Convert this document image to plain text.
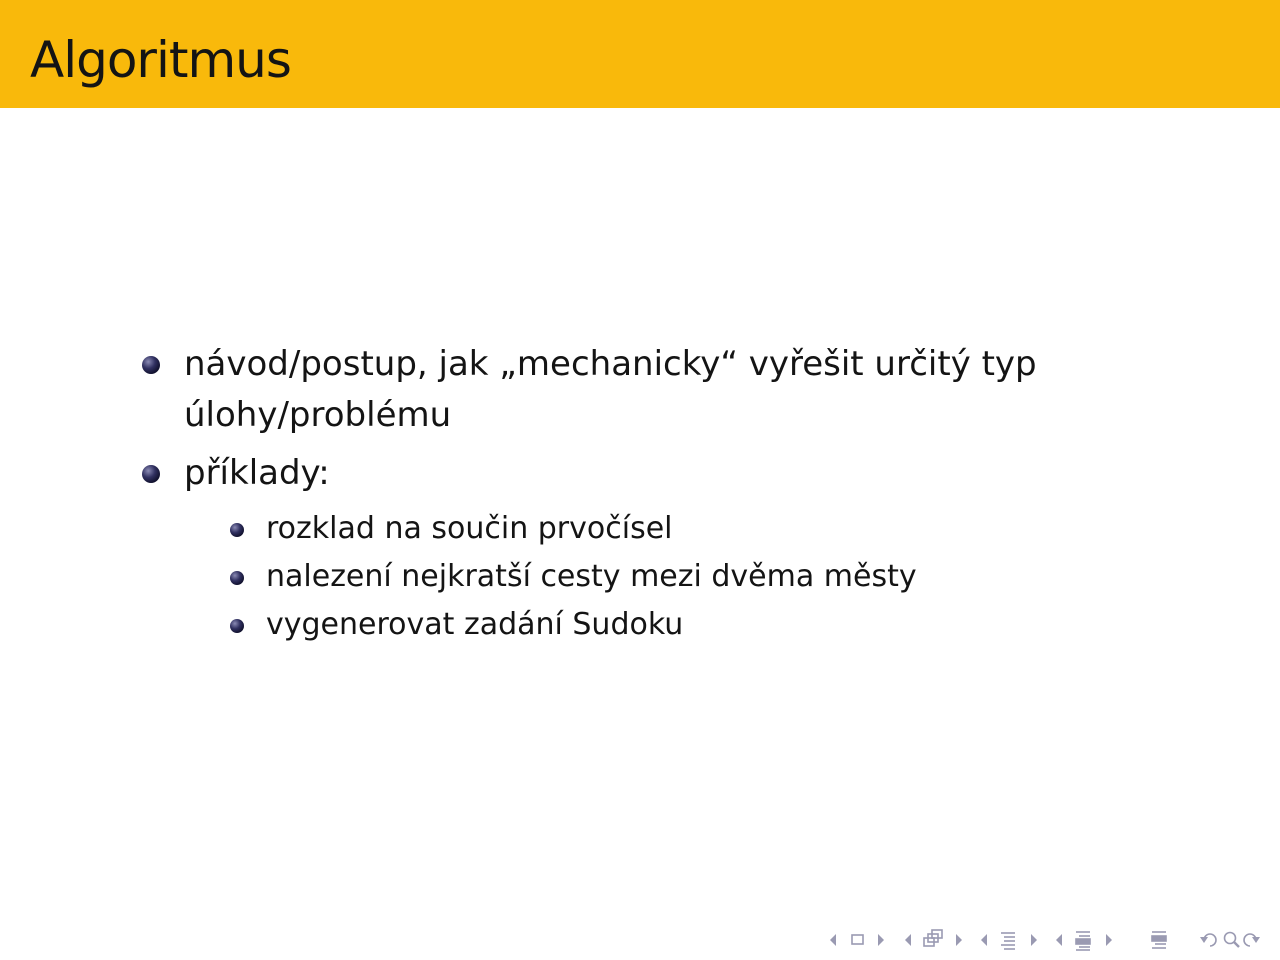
Algoritmus
návod/postup, jak „mechanicky“ vyřešit určitý typ
úlohy/problému
příklady:
rozklad na součin prvočísel
nalezení nejkratší cesty mezi dvěma městy
vygenerovat zadání Sudoku
